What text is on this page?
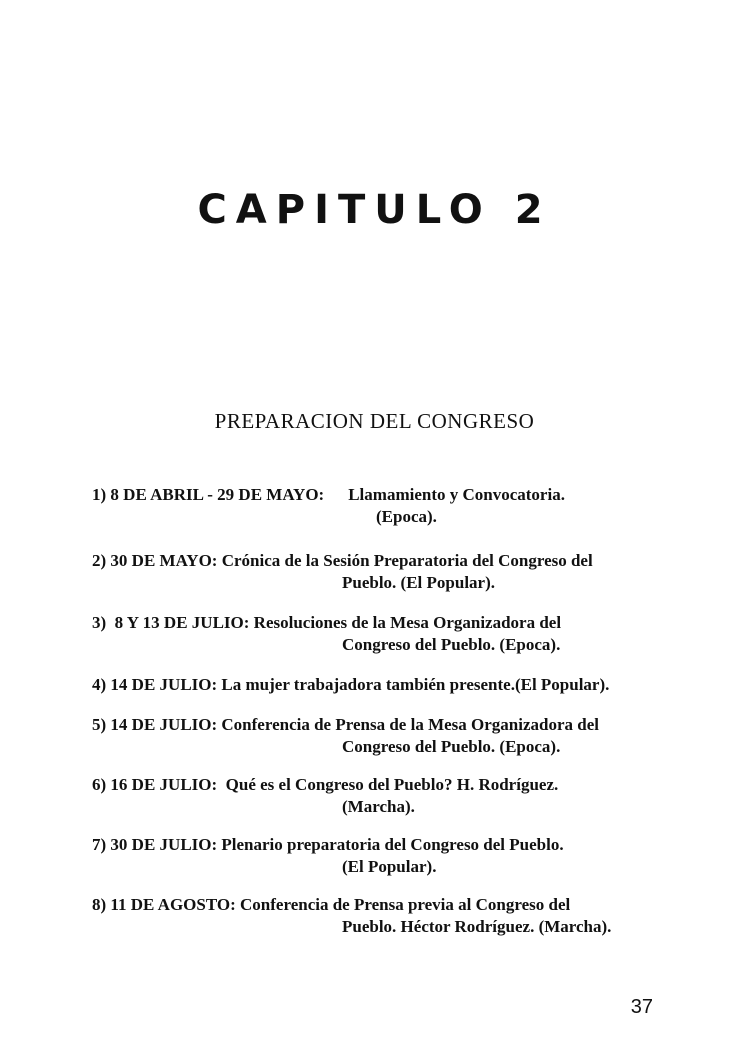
CAPITULO 2
PREPARACION DEL CONGRESO
1) 8 DE ABRIL - 29 DE MAYO: Llamamiento y Convocatoria.
(Epoca).
2) 30 DE MAYO: Crónica de la Sesión Preparatoria del Congreso del
Pueblo. (El Popular).
3) 8 Y 13 DE JULIO: Resoluciones de la Mesa Organizadora del
Congreso del Pueblo. (Epoca).
4) 14 DE JULIO: La mujer trabajadora también presente.(El Popular).
5) 14 DE JULIO: Conferencia de Prensa de la Mesa Organizadora del
Congreso del Pueblo. (Epoca).
6) 16 DE JULIO: Qué es el Congreso del Pueblo? H. Rodríguez.
(Marcha).
7) 30 DE JULIO: Plenario preparatoria del Congreso del Pueblo.
(El Popular).
8) 11 DE AGOSTO: Conferencia de Prensa previa al Congreso del
Pueblo. Héctor Rodríguez. (Marcha).
37
